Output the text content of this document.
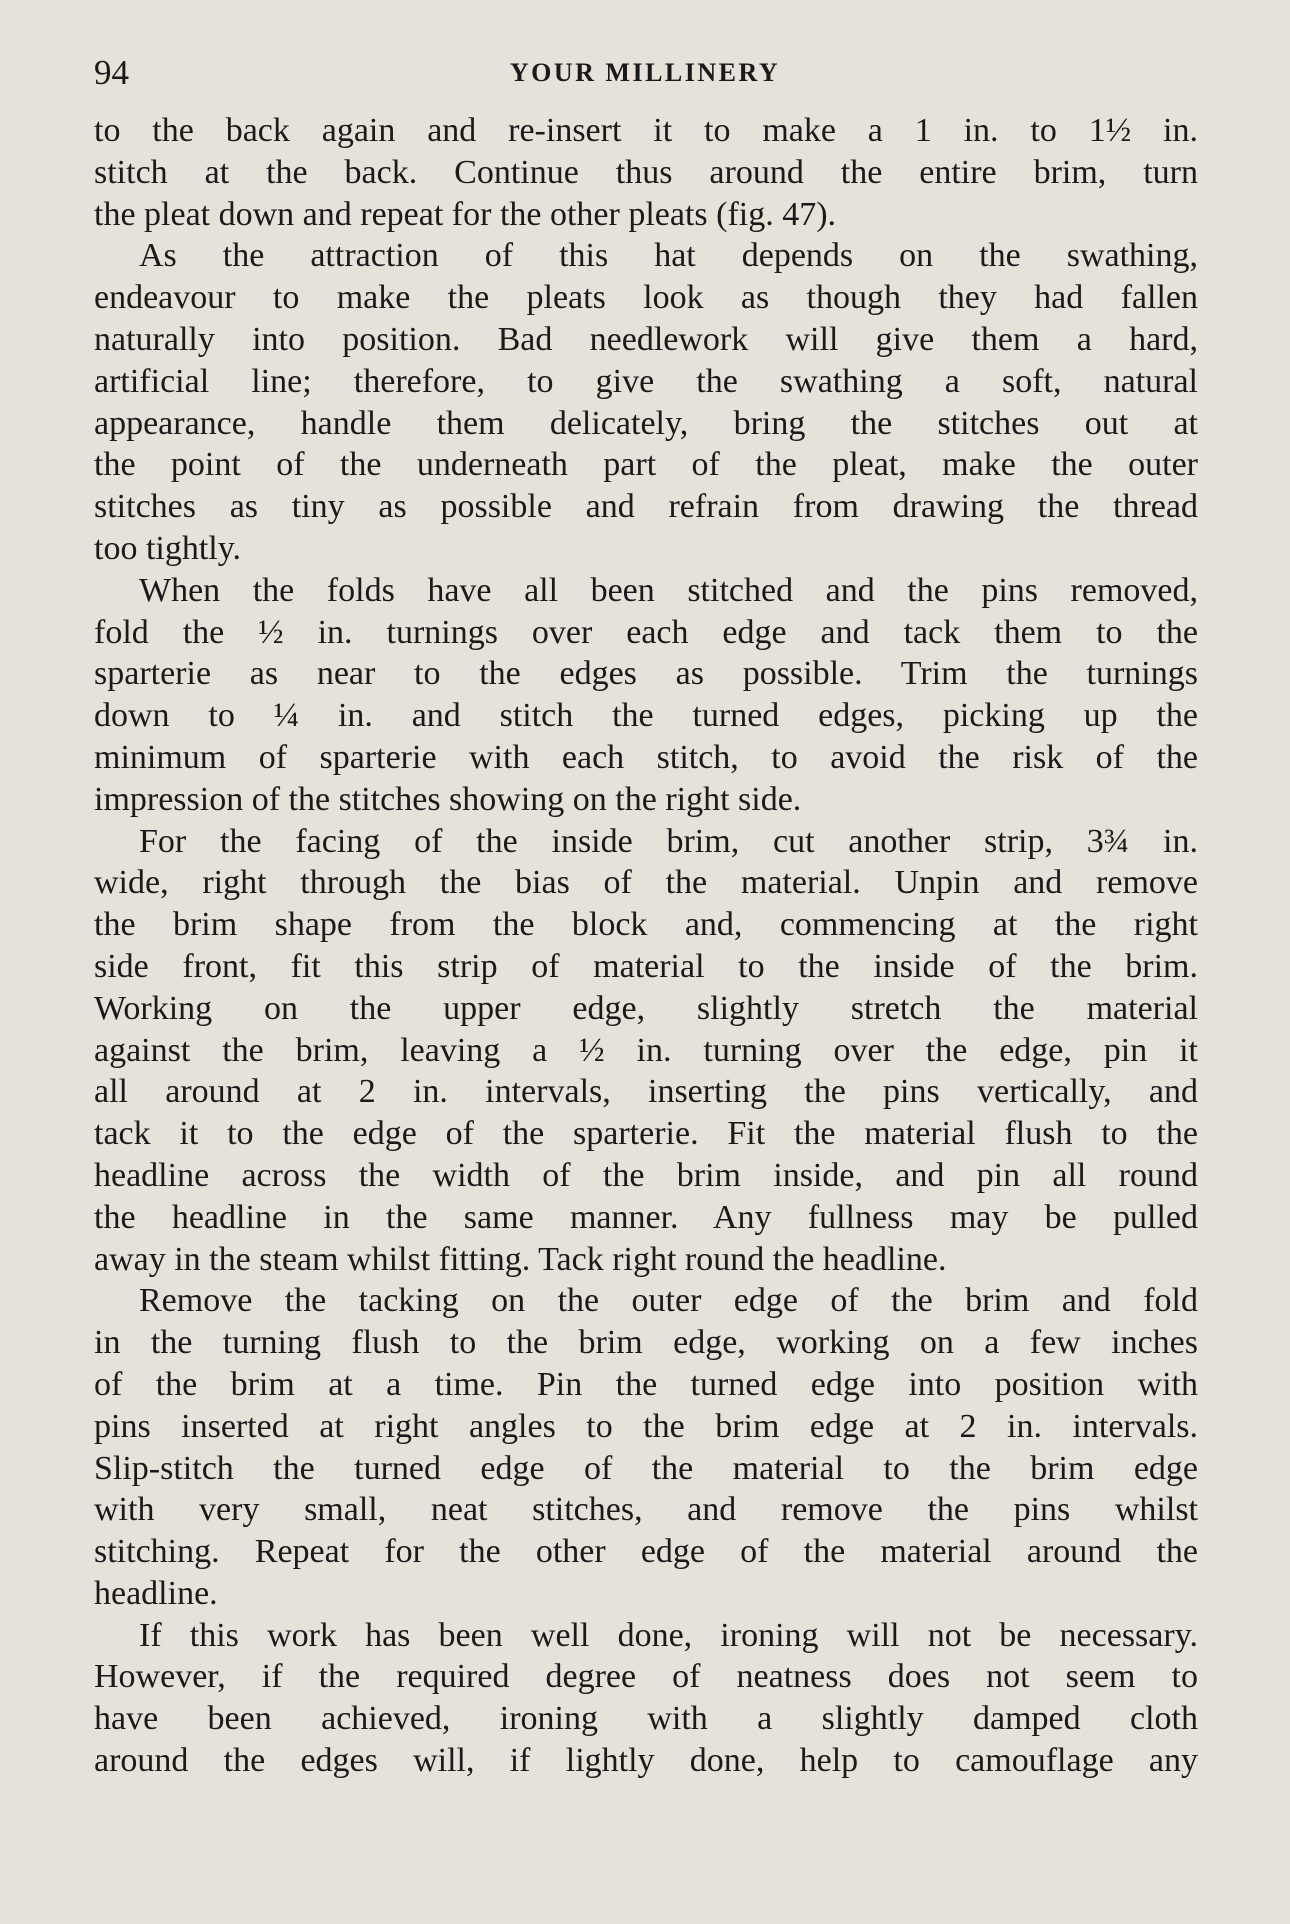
94	YOUR MILLINERY

to the back again and re-insert it to make a 1 in. to 1½ in.
stitch at the back. Continue thus around the entire brim, turn
the pleat down and repeat for the other pleats (fig. 47).

As the attraction of this hat depends on the swathing,
endeavour to make the pleats look as though they had fallen
naturally into position. Bad needlework will give them a hard,
artificial line; therefore, to give the swathing a soft, natural
appearance, handle them delicately, bring the stitches out at
the point of the underneath part of the pleat, make the outer
stitches as tiny as possible and refrain from drawing the thread
too tightly.

When the folds have all been stitched and the pins removed,
fold the ½ in. turnings over each edge and tack them to the
sparterie as near to the edges as possible. Trim the turnings
down to ¼ in. and stitch the turned edges, picking up the
minimum of sparterie with each stitch, to avoid the risk of the
impression of the stitches showing on the right side.

For the facing of the inside brim, cut another strip, 3¾ in.
wide, right through the bias of the material. Unpin and remove
the brim shape from the block and, commencing at the right
side front, fit this strip of material to the inside of the brim.
Working on the upper edge, slightly stretch the material
against the brim, leaving a ½ in. turning over the edge, pin it
all around at 2 in. intervals, inserting the pins vertically, and
tack it to the edge of the sparterie. Fit the material flush to the
headline across the width of the brim inside, and pin all round
the headline in the same manner. Any fullness may be pulled
away in the steam whilst fitting. Tack right round the headline.

Remove the tacking on the outer edge of the brim and fold
in the turning flush to the brim edge, working on a few inches
of the brim at a time. Pin the turned edge into position with
pins inserted at right angles to the brim edge at 2 in. intervals.
Slip-stitch the turned edge of the material to the brim edge
with very small, neat stitches, and remove the pins whilst
stitching. Repeat for the other edge of the material around the
headline.

If this work has been well done, ironing will not be necessary.
However, if the required degree of neatness does not seem to
have been achieved, ironing with a slightly damped cloth
around the edges will, if lightly done, help to camouflage any
